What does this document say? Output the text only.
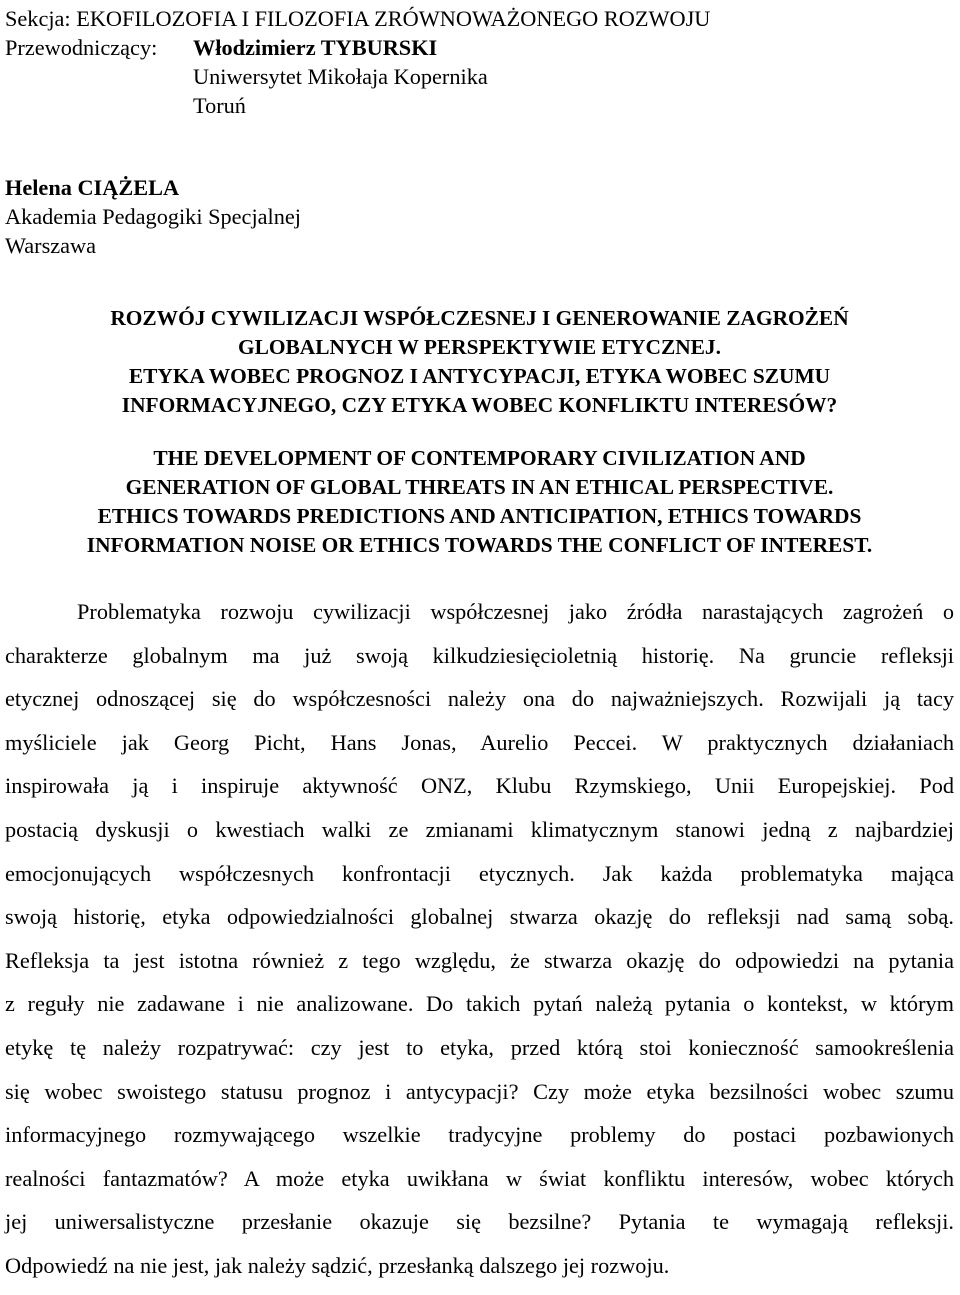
Sekcja: EKOFILOZOFIA I FILOZOFIA ZRÓWNOWAŻONEGO ROZWOJU
Przewodniczący: Włodzimierz TYBURSKI
Uniwersytet Mikołaja Kopernika
Toruń
Helena CIĄŻELA
Akademia Pedagogiki Specjalnej
Warszawa
ROZWÓJ CYWILIZACJI WSPÓŁCZESNEJ I GENEROWANIE ZAGROŻEŃ
GLOBALNYCH W PERSPEKTYWIE ETYCZNEJ.
ETYKA WOBEC PROGNOZ I ANTYCYPACJI, ETYKA WOBEC SZUMU
INFORMACYJNEGO, CZY ETYKA WOBEC KONFLIKTU INTERESÓW?
THE DEVELOPMENT OF CONTEMPORARY CIVILIZATION AND
GENERATION OF GLOBAL THREATS IN AN ETHICAL PERSPECTIVE.
ETHICS TOWARDS PREDICTIONS AND ANTICIPATION, ETHICS TOWARDS
INFORMATION NOISE OR ETHICS TOWARDS THE CONFLICT OF INTEREST.
Problematyka rozwoju cywilizacji współczesnej jako źródła narastających zagrożeń o
charakterze globalnym ma już swoją kilkudziesięcioletnią historię. Na gruncie refleksji
etycznej odnoszącej się do współczesności należy ona do najważniejszych. Rozwijali ją tacy
myśliciele jak Georg Picht, Hans Jonas, Aurelio Peccei. W praktycznych działaniach
inspirowała ją i inspiruje aktywność ONZ, Klubu Rzymskiego, Unii Europejskiej. Pod
postacią dyskusji o kwestiach walki ze zmianami klimatycznym stanowi jedną z najbardziej
emocjonujących współczesnych konfrontacji etycznych. Jak każda problematyka mająca
swoją historię, etyka odpowiedzialności globalnej stwarza okazję do refleksji nad samą sobą.
Refleksja ta jest istotna również z tego względu, że stwarza okazję do odpowiedzi na pytania
z reguły nie zadawane i nie analizowane. Do takich pytań należą pytania o kontekst, w którym
etykę tę należy rozpatrywać: czy jest to etyka, przed którą stoi konieczność samookreślenia
się wobec swoistego statusu prognoz i antycypacji? Czy może etyka bezsilności wobec szumu
informacyjnego rozmywającego wszelkie tradycyjne problemy do postaci pozbawionych
realności fantazmatów? A może etyka uwikłana w świat konfliktu interesów, wobec których
jej uniwersalistyczne przesłanie okazuje się bezsilne? Pytania te wymagają refleksji.
Odpowiedź na nie jest, jak należy sądzić, przesłanką dalszego jej rozwoju.
